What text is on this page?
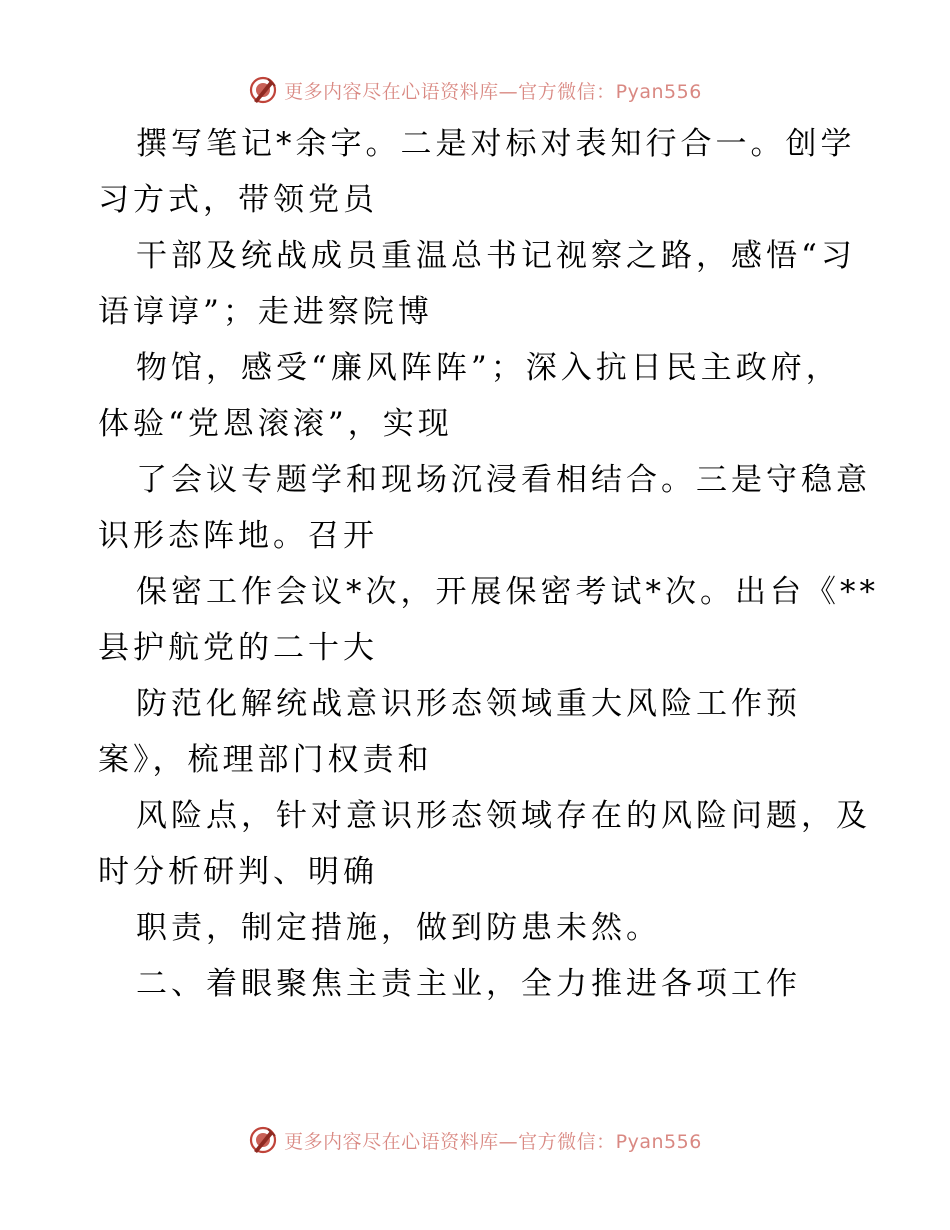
更多内容尽在心语资料库—官方微信：Pyan556

撰写笔记*余字。二是对标对表知行合一。创学
习方式，带领党员

干部及统战成员重温总书记视察之路，感悟“习
语谆谆”；走进察院博

物馆，感受“廉风阵阵”；深入抗日民主政府，
体验“党恩滚滚”，实现

了会议专题学和现场沉浸看相结合。三是守稳意
识形态阵地。召开

保密工作会议*次，开展保密考试*次。出台《**
县护航党的二十大

防范化解统战意识形态领域重大风险工作预
案》，梳理部门权责和

风险点，针对意识形态领域存在的风险问题，及
时分析研判、明确

职责，制定措施，做到防患未然。

二、着眼聚焦主责主业，全力推进各项工作

更多内容尽在心语资料库—官方微信：Pyan556
